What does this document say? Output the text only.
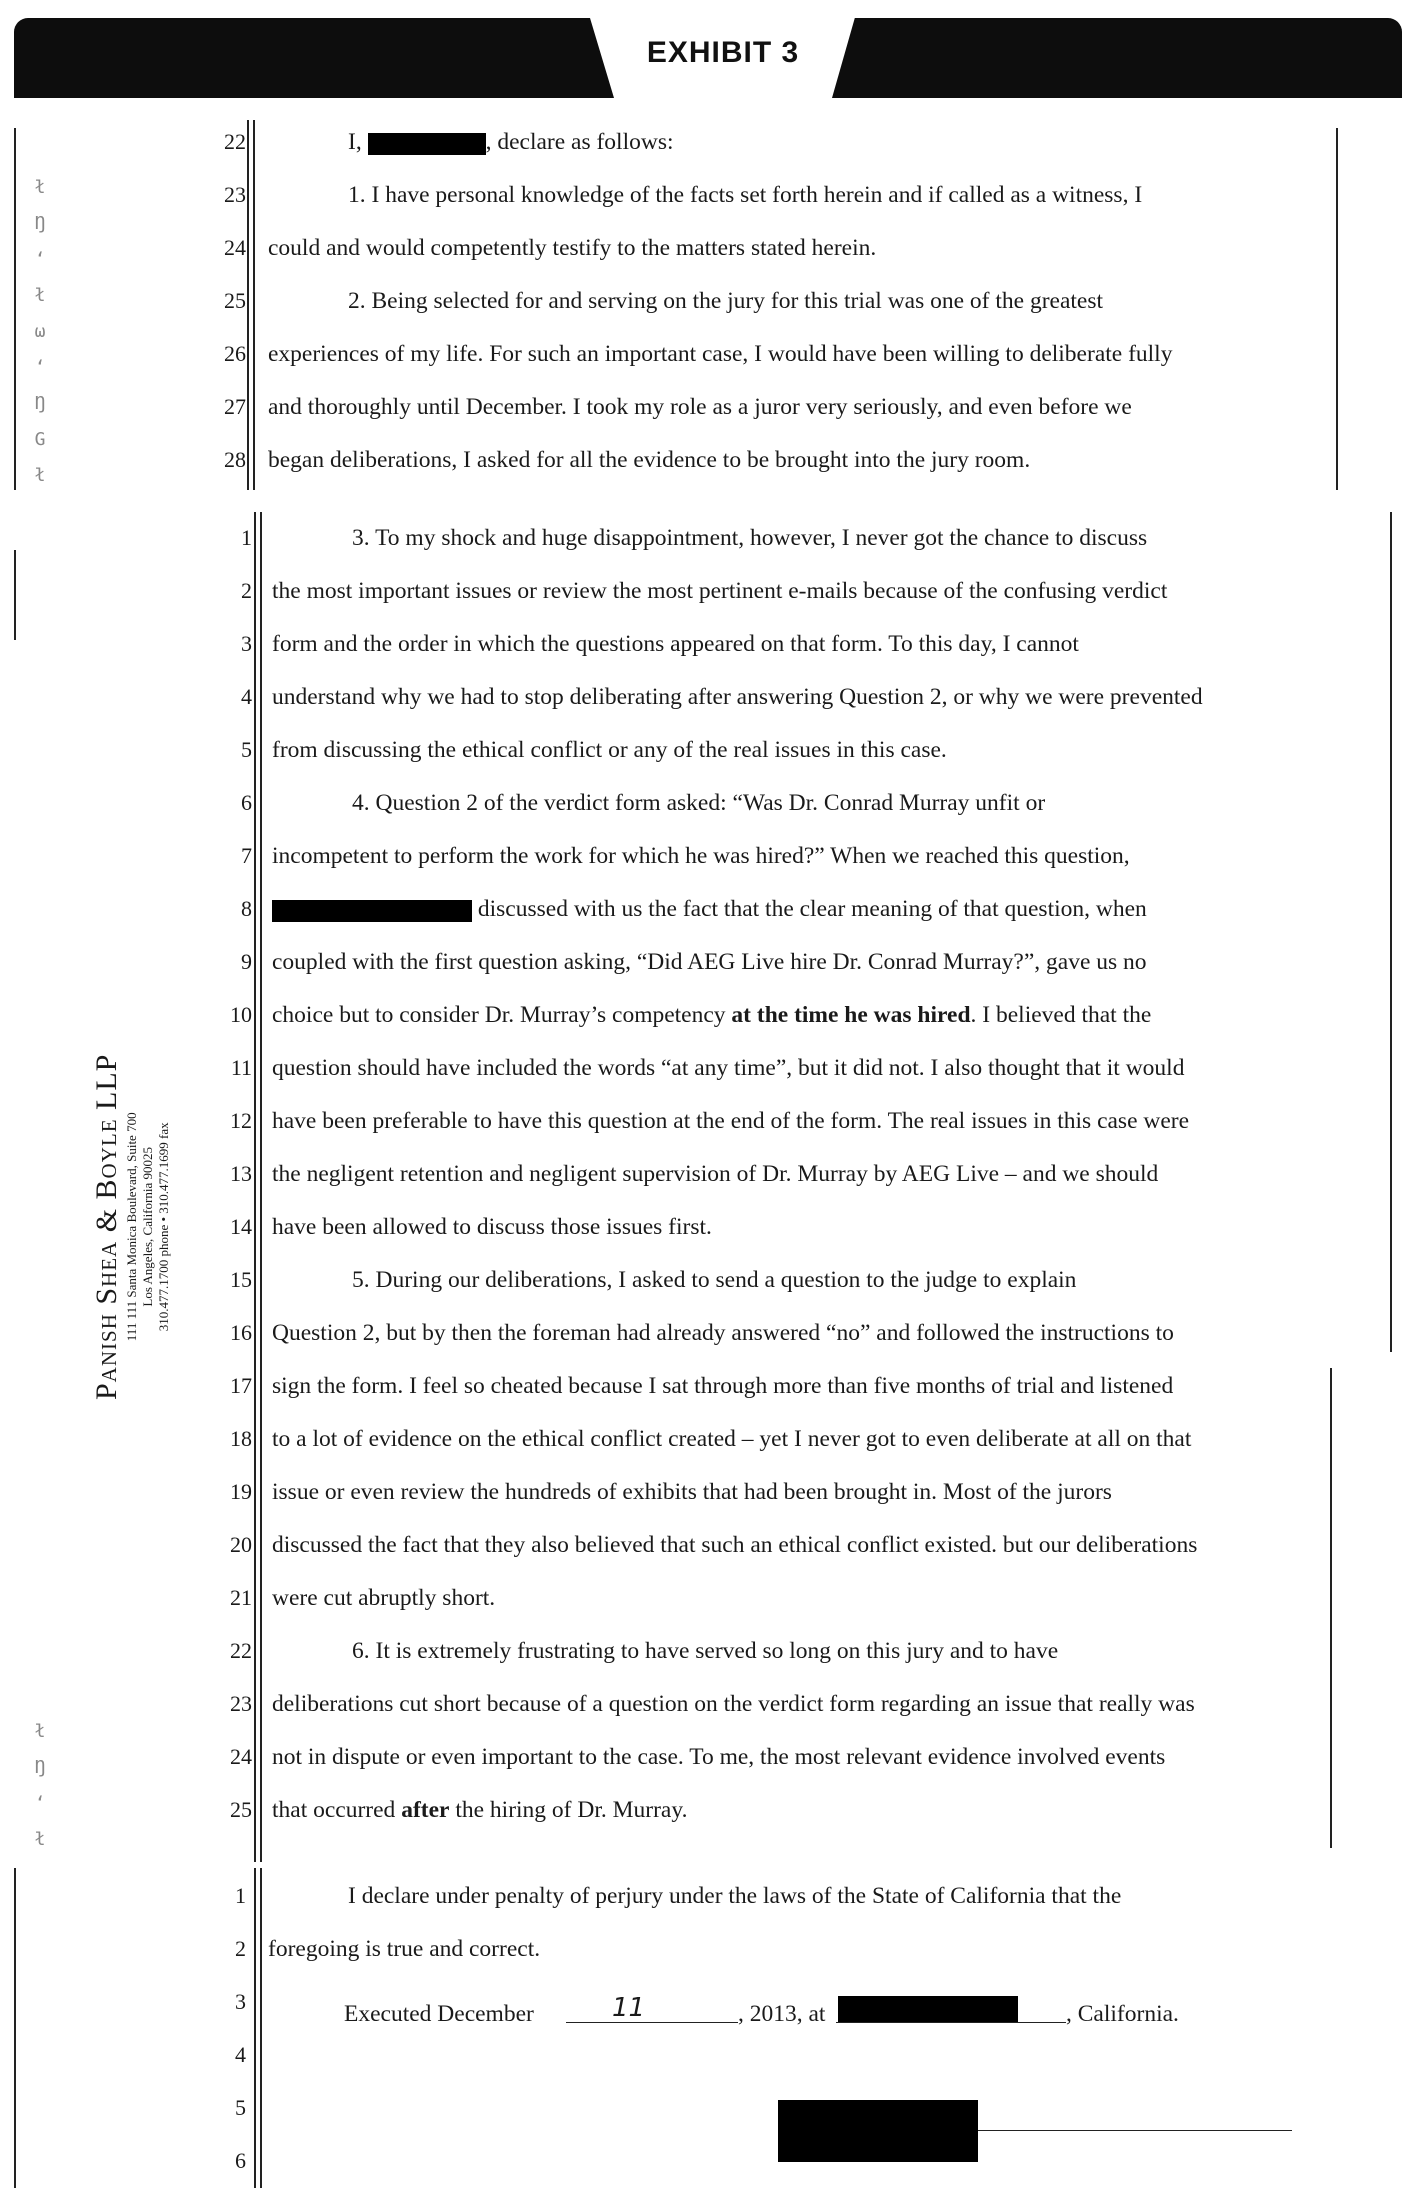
EXHIBIT 3
Panish Shea & Boyle LLP 111 111 Santa Monica Boulevard, Suite 700 Los Angeles, California 90025 310.477.1700 phone • 310.477.1699 fax
22	I,	, declare as follows:
23	1. I have personal knowledge of the facts set forth herein and if called as a witness, I
24 could and would competently testify to the matters stated herein.
25	2. Being selected for and serving on the jury for this trial was one of the greatest
26 experiences of my life. For such an important case, I would have been willing to deliberate fully
27 and thoroughly until December. I took my role as a juror very seriously, and even before we
28 began deliberations, I asked for all the evidence to be brought into the jury room.
1	3. To my shock and huge disappointment, however, I never got the chance to discuss
2 the most important issues or review the most pertinent e-mails because of the confusing verdict
3 form and the order in which the questions appeared on that form. To this day, I cannot
4 understand why we had to stop deliberating after answering Question 2, or why we were prevented
5 from discussing the ethical conflict or any of the real issues in this case.
6	4. Question 2 of the verdict form asked: “Was Dr. Conrad Murray unfit or
7 incompetent to perform the work for which he was hired?” When we reached this question,
8	discussed with us the fact that the clear meaning of that question, when
9 coupled with the first question asking, “Did AEG Live hire Dr. Conrad Murray?”, gave us no
10 choice but to consider Dr. Murray’s competency at the time he was hired. I believed that the
11 question should have included the words “at any time”, but it did not. I also thought that it would
12 have been preferable to have this question at the end of the form. The real issues in this case were
13 the negligent retention and negligent supervision of Dr. Murray by AEG Live – and we should
14 have been allowed to discuss those issues first.
15	5. During our deliberations, I asked to send a question to the judge to explain
16 Question 2, but by then the foreman had already answered “no” and followed the instructions to
17 sign the form. I feel so cheated because I sat through more than five months of trial and listened
18 to a lot of evidence on the ethical conflict created – yet I never got to even deliberate at all on that
19 issue or even review the hundreds of exhibits that had been brought in. Most of the jurors
20 discussed the fact that they also believed that such an ethical conflict existed. but our deliberations
21 were cut abruptly short.
22	6. It is extremely frustrating to have served so long on this jury and to have
23 deliberations cut short because of a question on the verdict form regarding an issue that really was
24 not in dispute or even important to the case. To me, the most relevant evidence involved events
25 that occurred after the hiring of Dr. Murray.
1	I declare under penalty of perjury under the laws of the State of California that the
2 foregoing is true and correct.
3
4
5
6
Executed December	11	, 2013, at	, California.
ł
Ŋ
ʻ
ł
ω
ʻ
Ŋ
G
ł
ł
Ŋ
ʻ
ł
